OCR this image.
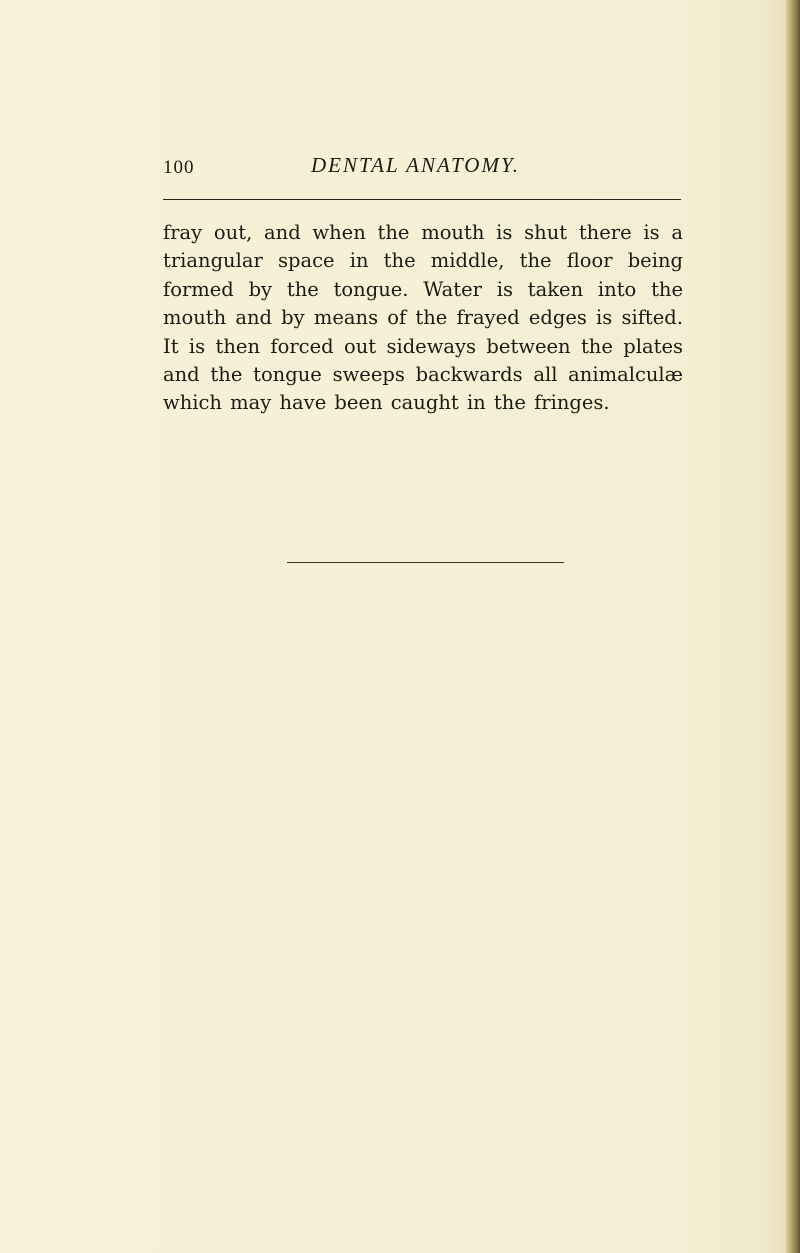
100	DENTAL ANATOMY.

fray out, and when the mouth is shut there is a triangular space in the middle, the floor being formed by the tongue. Water is taken into the mouth and by means of the frayed edges is sifted. It is then forced out sideways between the plates and the tongue sweeps backwards all animalculæ which may have been caught in the fringes.
